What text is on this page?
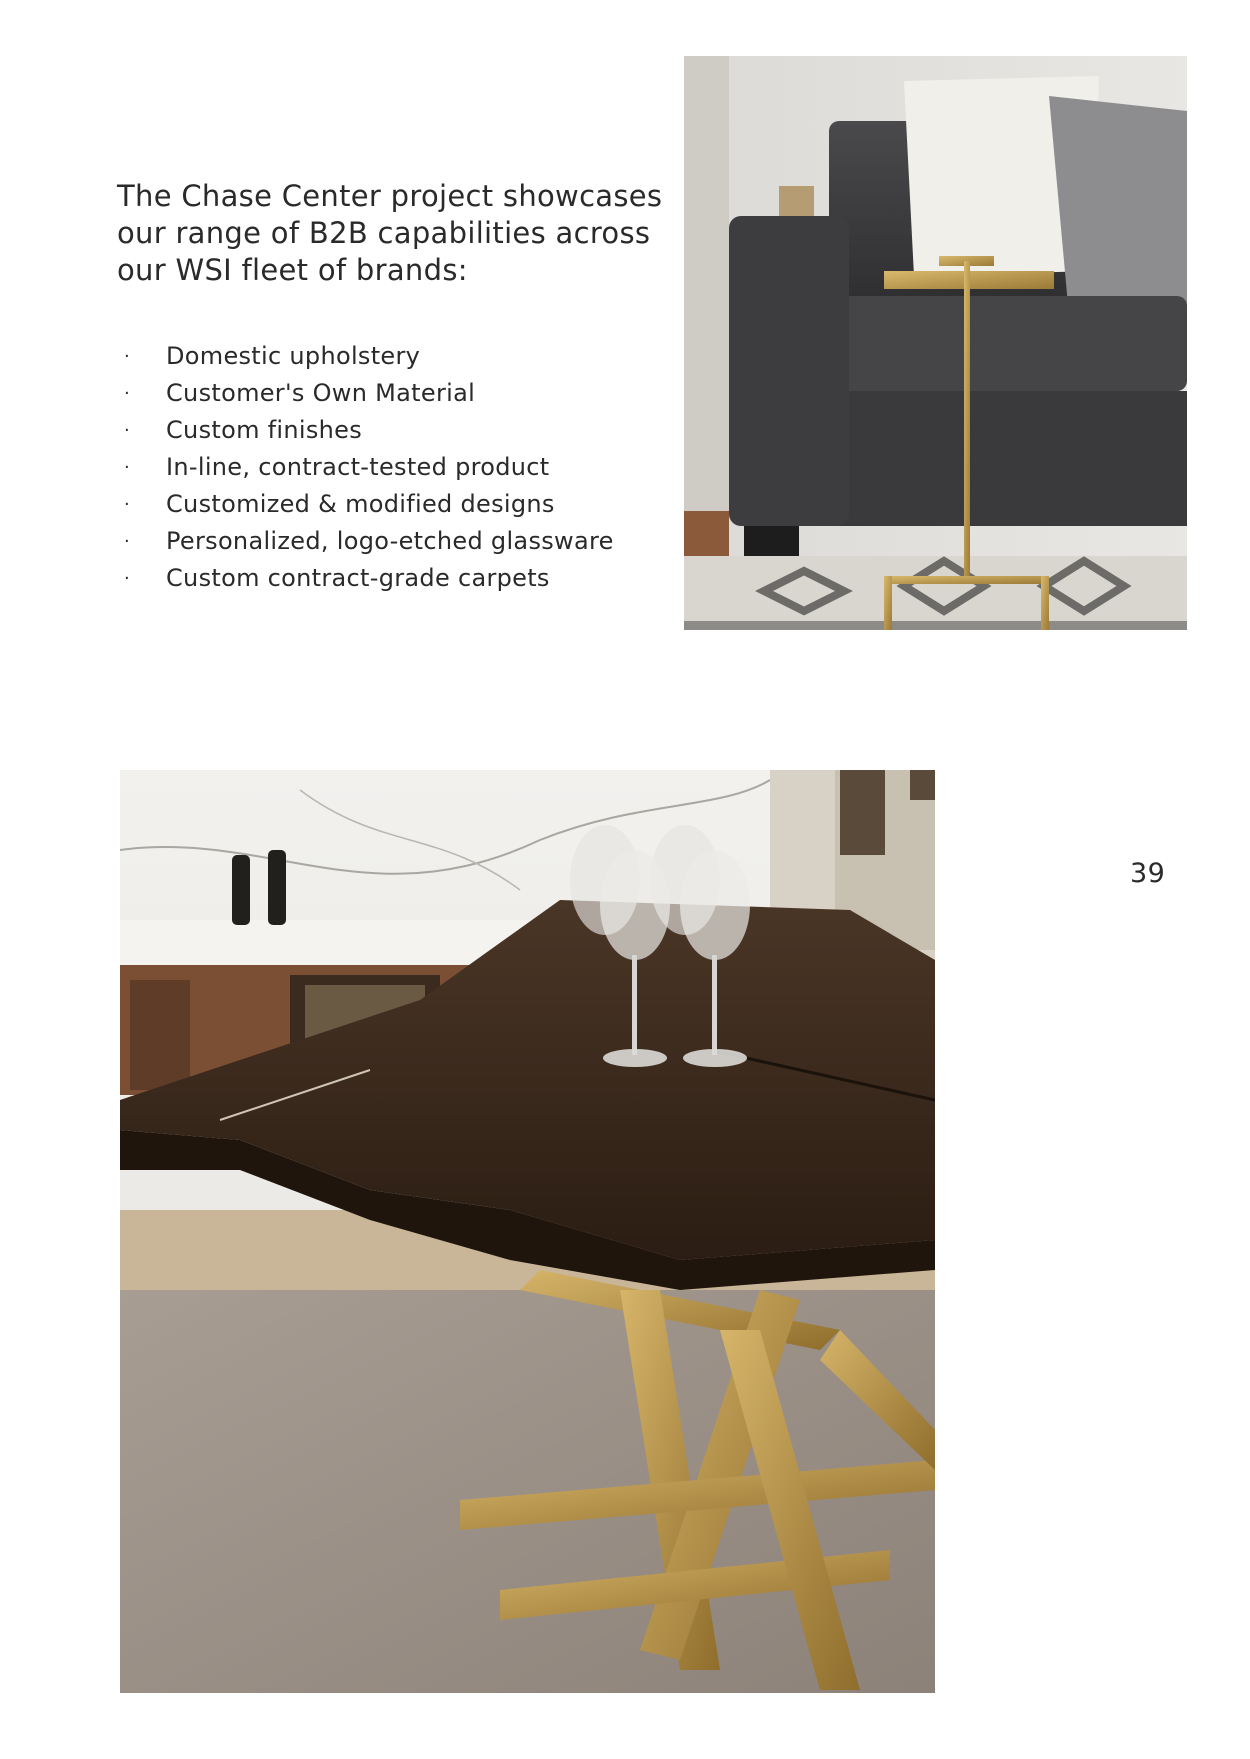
The Chase Center project showcases our range of B2B capabilities across our WSI fleet of brands:

· Domestic upholstery
· Customer's Own Material
· Custom finishes
· In-line, contract-tested product
· Customized & modified designs
· Personalized, logo-etched glassware
· Custom contract-grade carpets
39
